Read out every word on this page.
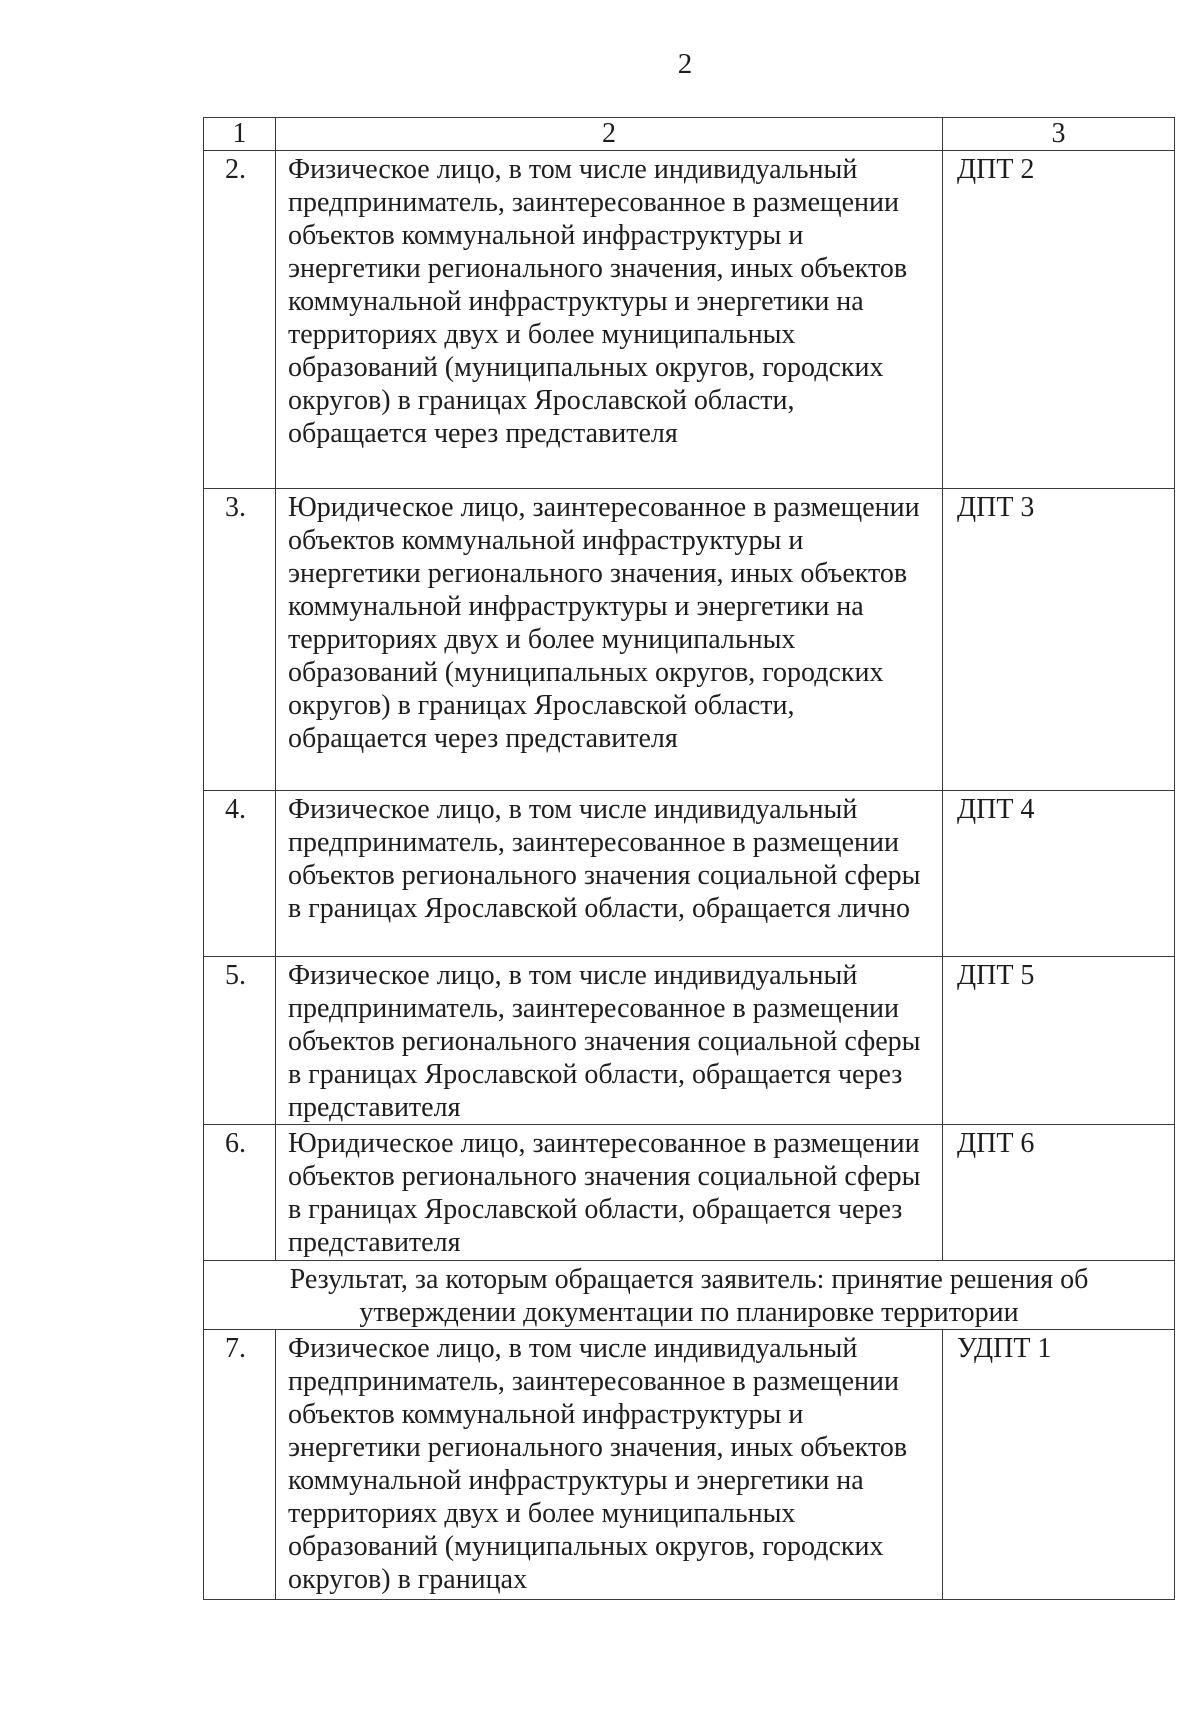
2
1	2	3

2.	Физическое лицо, в том числе индивидуальный предприниматель, заинтересованное в размещении объектов коммунальной инфраструктуры и энергетики регионального значения, иных объектов коммунальной инфраструктуры и энергетики на территориях двух и более муниципальных образований (муниципальных округов, городских округов) в границах Ярославской области, обращается через представителя	ДПТ 2

3.	Юридическое лицо, заинтересованное в размещении объектов коммунальной инфраструктуры и энергетики регионального значения, иных объектов коммунальной инфраструктуры и энергетики на территориях двух и более муниципальных образований (муниципальных округов, городских округов) в границах Ярославской области, обращается через представителя	ДПТ 3

4.	Физическое лицо, в том числе индивидуальный предприниматель, заинтересованное в размещении объектов регионального значения социальной сферы в границах Ярославской области, обращается лично	ДПТ 4

5.	Физическое лицо, в том числе индивидуальный предприниматель, заинтересованное в размещении объектов регионального значения социальной сферы в границах Ярославской области, обращается через представителя	ДПТ 5

6.	Юридическое лицо, заинтересованное в размещении объектов регионального значения социальной сферы в границах Ярославской области, обращается через представителя	ДПТ 6
Результат, за которым обращается заявитель: принятие решения об утверждении документации по планировке территории		

7.	Физическое лицо, в том числе индивидуальный предприниматель, заинтересованное в размещении объектов коммунальной инфраструктуры и энергетики регионального значения, иных объектов коммунальной инфраструктуры и энергетики на территориях двух и более муниципальных образований (муниципальных округов, городских округов) в границах	УДПТ 1
